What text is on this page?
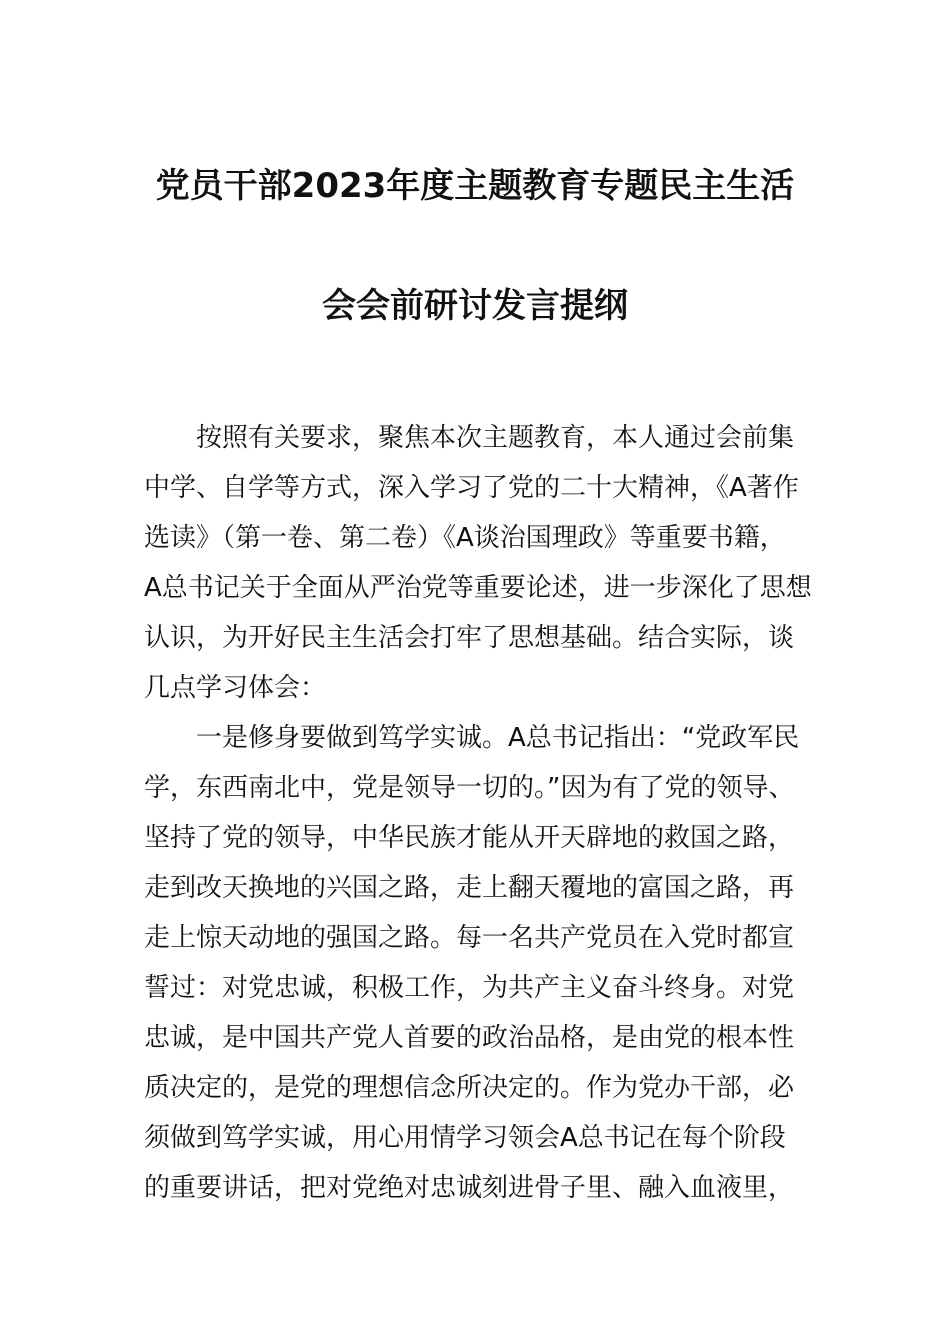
党员干部2023年度主题教育专题民主生活
会会前研讨发言提纲
按照有关要求，聚焦本次主题教育，本人通过会前集
中学、自学等方式，深入学习了党的二十大精神，《A著作
选读》（第一卷、第二卷）《A谈治国理政》等重要书籍，
A总书记关于全面从严治党等重要论述，进一步深化了思想
认识，为开好民主生活会打牢了思想基础。结合实际，谈
几点学习体会：
一是修身要做到笃学实诚。A总书记指出：“党政军民
学，东西南北中，党是领导一切的。”因为有了党的领导、
坚持了党的领导，中华民族才能从开天辟地的救国之路，
走到改天换地的兴国之路，走上翻天覆地的富国之路，再
走上惊天动地的强国之路。每一名共产党员在入党时都宣
誓过：对党忠诚，积极工作，为共产主义奋斗终身。对党
忠诚，是中国共产党人首要的政治品格，是由党的根本性
质决定的，是党的理想信念所决定的。作为党办干部，必
须做到笃学实诚，用心用情学习领会A总书记在每个阶段
的重要讲话，把对党绝对忠诚刻进骨子里、融入血液里，
